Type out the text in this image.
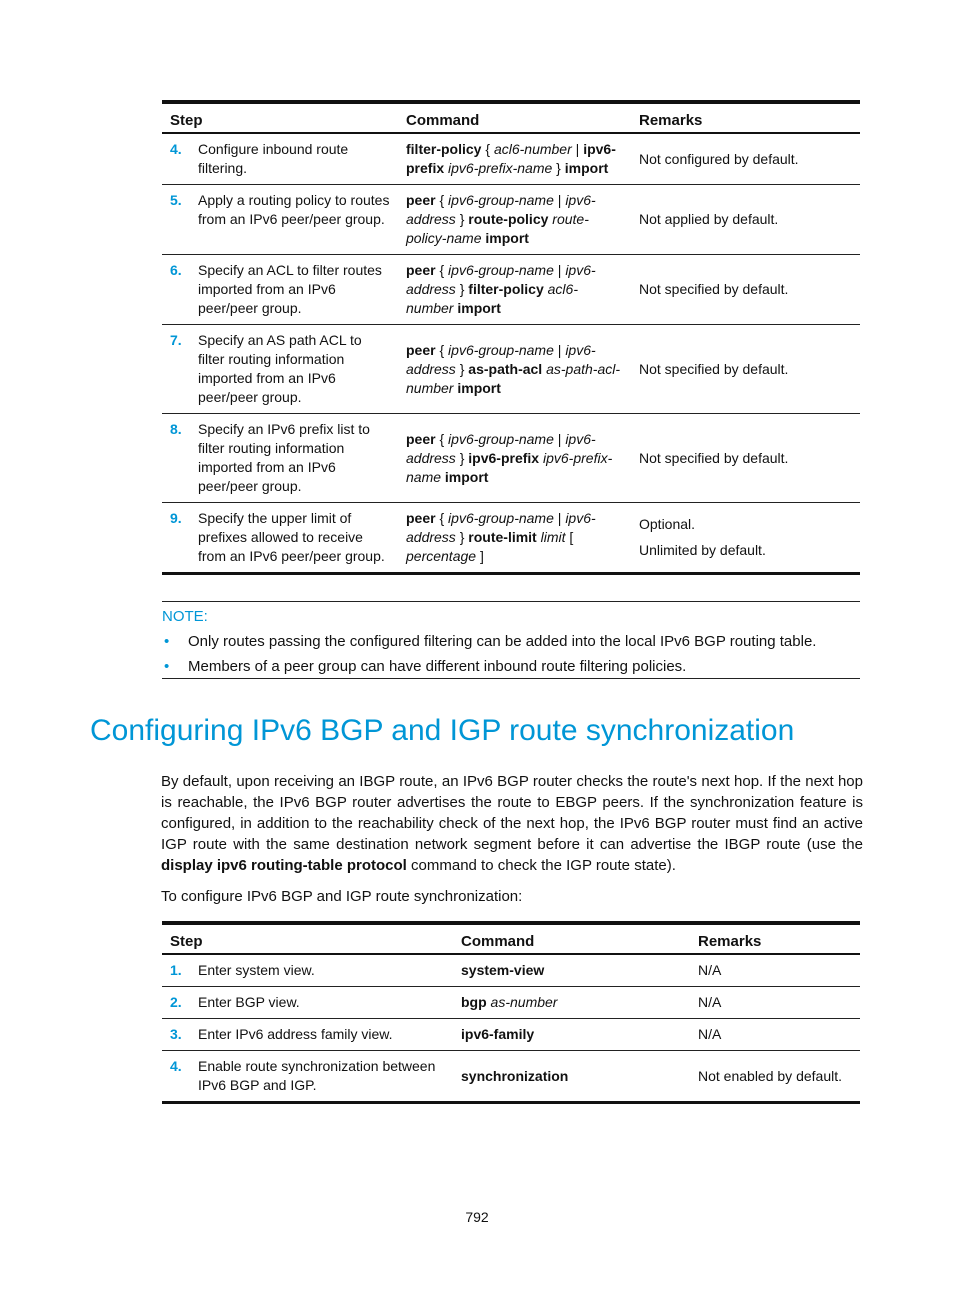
Step		Command	Remarks
4.	Configure inbound route filtering.	filter-policy { acl6-number | ipv6-prefix ipv6-prefix-name } import	Not configured by default.

5.	Apply a routing policy to routes from an IPv6 peer/peer group.	peer { ipv6-group-name | ipv6-address } route-policy route-policy-name import	Not applied by default.

6.	Specify an ACL to filter routes imported from an IPv6 peer/peer group.	peer { ipv6-group-name | ipv6-address } filter-policy acl6-number import	Not specified by default.

7.	Specify an AS path ACL to filter routing information imported from an IPv6 peer/peer group.	peer { ipv6-group-name | ipv6-address } as-path-acl as-path-acl-number import	Not specified by default.

8.	Specify an IPv6 prefix list to filter routing information imported from an IPv6 peer/peer group.	peer { ipv6-group-name | ipv6-address } ipv6-prefix ipv6-prefix-name import	Not specified by default.

9.	Specify the upper limit of prefixes allowed to receive from an IPv6 peer/peer group.	peer { ipv6-group-name | ipv6-address } route-limit limit [ percentage ]	Optional.
Unlimited by default.
NOTE:
•	Only routes passing the configured filtering can be added into the local IPv6 BGP routing table.
•	Members of a peer group can have different inbound route filtering policies.
Configuring IPv6 BGP and IGP route synchronization

By default, upon receiving an IBGP route, an IPv6 BGP router checks the route's next hop. If the next hop is reachable, the IPv6 BGP router advertises the route to EBGP peers. If the synchronization feature is configured, in addition to the reachability check of the next hop, the IPv6 BGP router must find an active IGP route with the same destination network segment before it can advertise the IBGP route (use the display ipv6 routing-table protocol command to check the IGP route state).

To configure IPv6 BGP and IGP route synchronization:

Step		Command	Remarks
1.	Enter system view.	system-view	N/A

2.	Enter BGP view.	bgp as-number	N/A

3.	Enter IPv6 address family view.	ipv6-family	N/A

4.	Enable route synchronization between IPv6 BGP and IGP.	synchronization	Not enabled by default.
792
